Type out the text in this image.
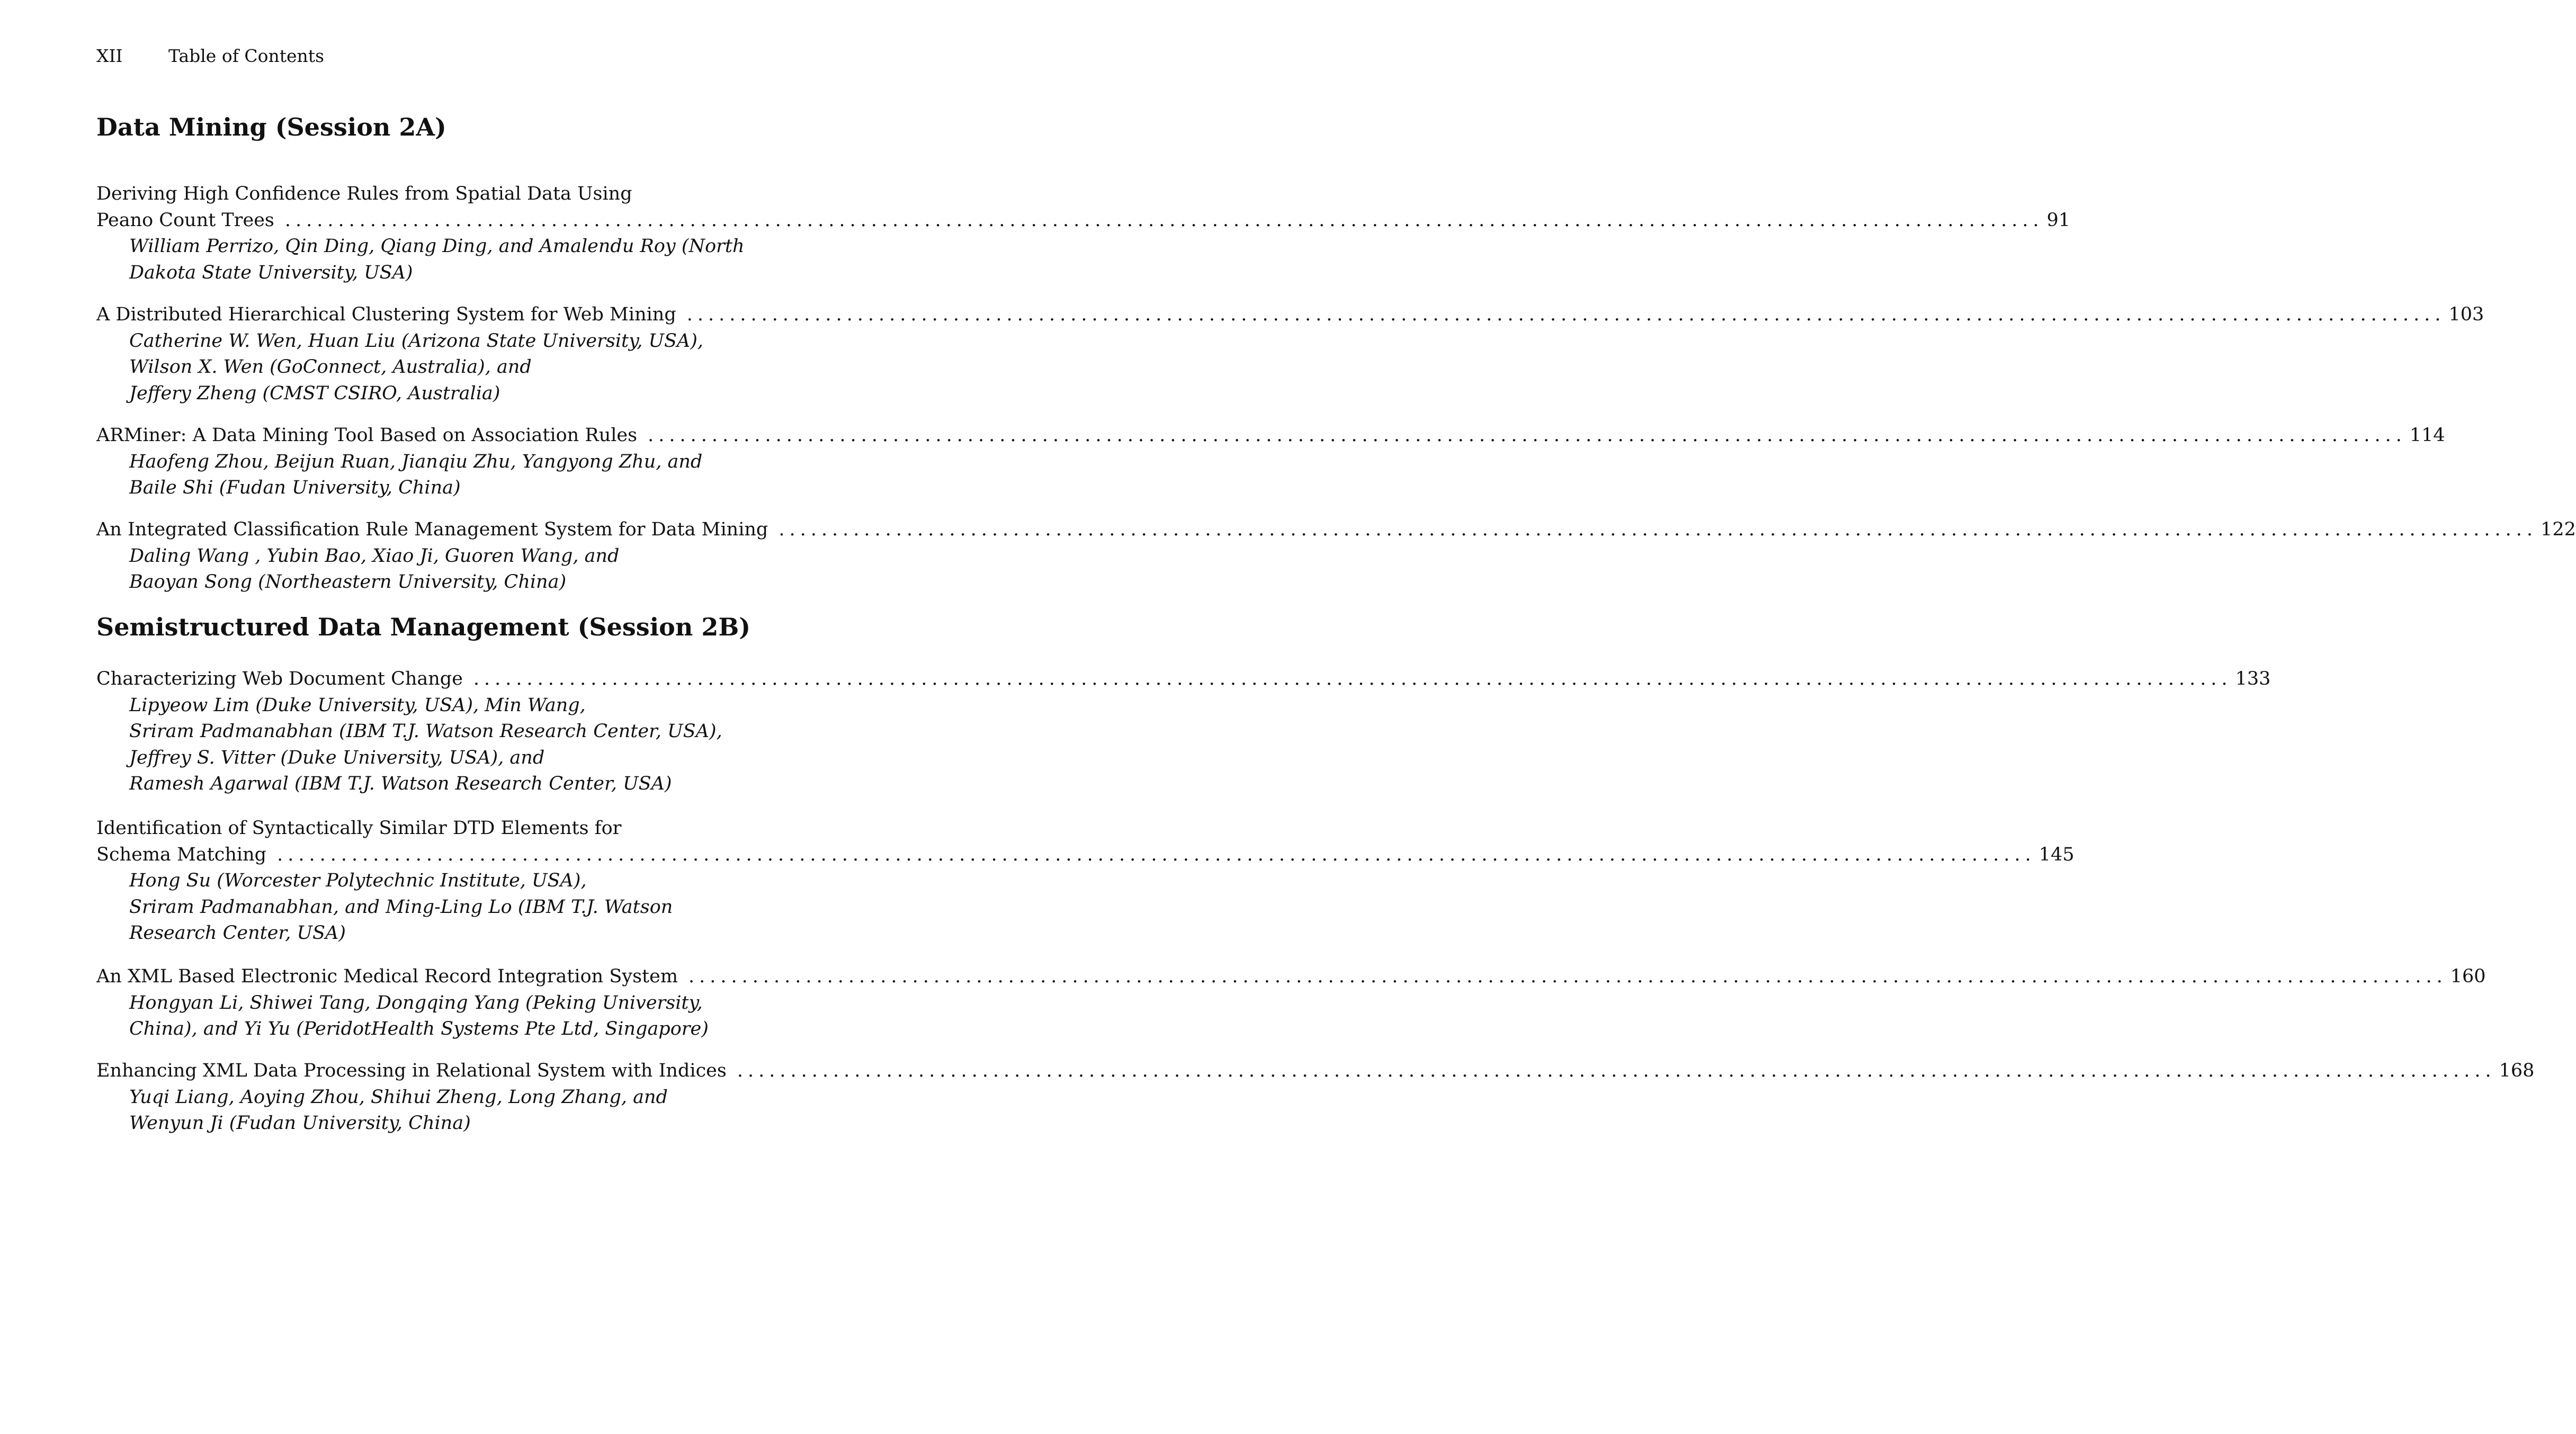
XII	Table of Contents
Data Mining (Session 2A)
Deriving High Confidence Rules from Spatial Data Using
Peano Count Trees ..................................................................................................................................................................... 91
William Perrizo, Qin Ding, Qiang Ding, and Amalendu Roy (North
Dakota State University, USA)
A Distributed Hierarchical Clustering System for Web Mining ..................................................................................................................................................................... 103
Catherine W. Wen, Huan Liu (Arizona State University, USA),
Wilson X. Wen (GoConnect, Australia), and
Jeffery Zheng (CMST CSIRO, Australia)
ARMiner: A Data Mining Tool Based on Association Rules ..................................................................................................................................................................... 114
Haofeng Zhou, Beijun Ruan, Jianqiu Zhu, Yangyong Zhu, and
Baile Shi (Fudan University, China)
An Integrated Classification Rule Management System for Data Mining ..................................................................................................................................................................... 122
Daling Wang , Yubin Bao, Xiao Ji, Guoren Wang, and
Baoyan Song (Northeastern University, China)
Semistructured Data Management (Session 2B)
Characterizing Web Document Change ..................................................................................................................................................................... 133
Lipyeow Lim (Duke University, USA), Min Wang,
Sriram Padmanabhan (IBM T.J. Watson Research Center, USA),
Jeffrey S. Vitter (Duke University, USA), and
Ramesh Agarwal (IBM T.J. Watson Research Center, USA)
Identification of Syntactically Similar DTD Elements for
Schema Matching ..................................................................................................................................................................... 145
Hong Su (Worcester Polytechnic Institute, USA),
Sriram Padmanabhan, and Ming-Ling Lo (IBM T.J. Watson
Research Center, USA)
An XML Based Electronic Medical Record Integration System ..................................................................................................................................................................... 160
Hongyan Li, Shiwei Tang, Dongqing Yang (Peking University,
China), and Yi Yu (PeridotHealth Systems Pte Ltd, Singapore)
Enhancing XML Data Processing in Relational System with Indices ..................................................................................................................................................................... 168
Yuqi Liang, Aoying Zhou, Shihui Zheng, Long Zhang, and
Wenyun Ji (Fudan University, China)
